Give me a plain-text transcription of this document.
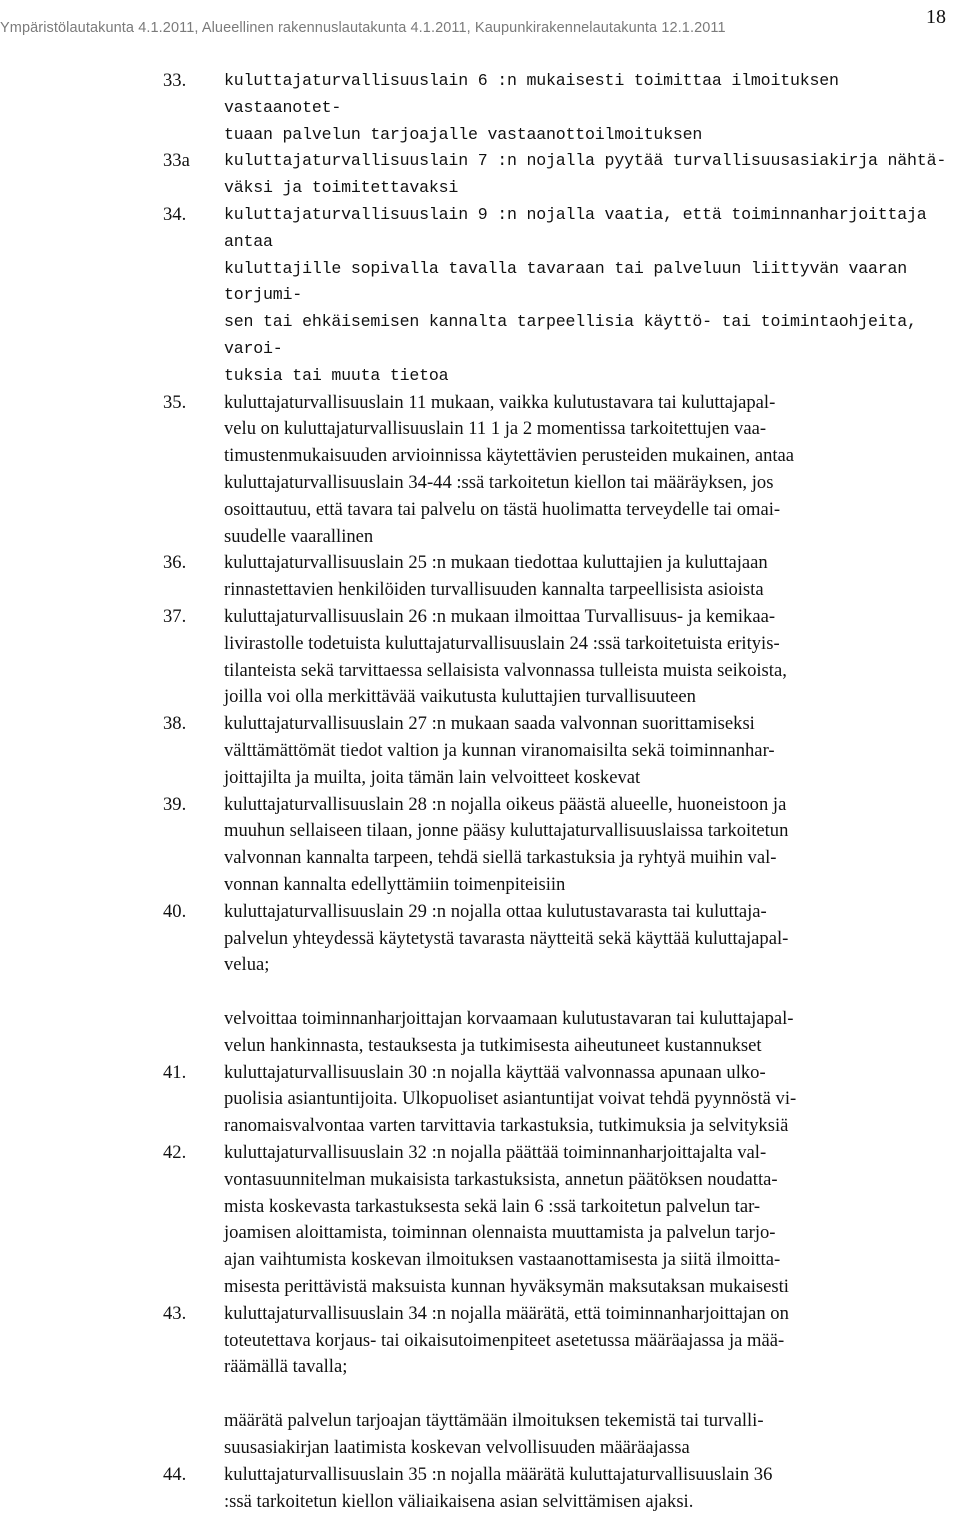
Ympäristölautakunta 4.1.2011, Alueellinen rakennuslautakunta 4.1.2011, Kaupunkirakennelautakunta 12.1.2011	18
33. kuluttajaturvallisuuslain 6 :n mukaisesti toimittaa ilmoituksen vastaanotet-
tuaan palvelun tarjoajalle vastaanottoilmoituksen
33a kuluttajaturvallisuuslain 7 :n nojalla pyytää turvallisuusasiakirja nähtä-
väksi ja toimitettavaksi
34. kuluttajaturvallisuuslain 9 :n nojalla vaatia, että toiminnanharjoittaja antaa
kuluttajille sopivalla tavalla tavaraan tai palveluun liittyvän vaaran torjumi-
sen tai ehkäisemisen kannalta tarpeellisia käyttö- tai toimintaohjeita, varoi-
tuksia tai muuta tietoa
35. kuluttajaturvallisuuslain 11 mukaan, vaikka kulutustavara tai kuluttajapal-
velu on kuluttajaturvallisuuslain 11 1 ja 2 momentissa tarkoitettujen vaa-
timustenmukaisuuden arvioinnissa käytettävien perusteiden mukainen, antaa
kuluttajaturvallisuuslain 34-44 :ssä tarkoitetun kiellon tai määräyksen, jos
osoittautuu, että tavara tai palvelu on tästä huolimatta terveydelle tai omai-
suudelle vaarallinen
36. kuluttajaturvallisuuslain 25 :n mukaan tiedottaa kuluttajien ja kuluttajaan
rinnastettavien henkilöiden turvallisuuden kannalta tarpeellisista asioista
37. kuluttajaturvallisuuslain 26 :n mukaan ilmoittaa Turvallisuus- ja kemikaa-
livirastolle todetuista kuluttajaturvallisuuslain 24 :ssä tarkoitetuista erityis-
tilanteista sekä tarvittaessa sellaisista valvonnassa tulleista muista seikoista,
joilla voi olla merkittävää vaikutusta kuluttajien turvallisuuteen
38. kuluttajaturvallisuuslain 27 :n mukaan saada valvonnan suorittamiseksi
välttämättömät tiedot valtion ja kunnan viranomaisilta sekä toiminnanhar-
joittajilta ja muilta, joita tämän lain velvoitteet koskevat
39. kuluttajaturvallisuuslain 28 :n nojalla oikeus päästä alueelle, huoneistoon ja
muuhun sellaiseen tilaan, jonne pääsy kuluttajaturvallisuuslaissa tarkoitetun
valvonnan kannalta tarpeen, tehdä siellä tarkastuksia ja ryhtyä muihin val-
vonnan kannalta edellyttämiin toimenpiteisiin
40. kuluttajaturvallisuuslain 29 :n nojalla ottaa kulutustavarasta tai kuluttaja-
palvelun yhteydessä käytetystä tavarasta näytteitä sekä käyttää kuluttajapal-
velua;
velvoittaa toiminnanharjoittajan korvaamaan kulutustavaran tai kuluttajapal-
velun hankinnasta, testauksesta ja tutkimisesta aiheutuneet kustannukset
41. kuluttajaturvallisuuslain 30 :n nojalla käyttää valvonnassa apunaan ulko-
puolisia asiantuntijoita. Ulkopuoliset asiantuntijat voivat tehdä pyynnöstä vi-
ranomaisvalvontaa varten tarvittavia tarkastuksia, tutkimuksia ja selvityksiä
42. kuluttajaturvallisuuslain 32 :n nojalla päättää toiminnanharjoittajalta val-
vontasuunnitelman mukaisista tarkastuksista, annetun päätöksen noudatta-
mista koskevasta tarkastuksesta sekä lain 6 :ssä tarkoitetun palvelun tar-
joamisen aloittamista, toiminnan olennaista muuttamista ja palvelun tarjo-
ajan vaihtumista koskevan ilmoituksen vastaanottamisesta ja siitä ilmoitta-
misesta perittävistä maksuista kunnan hyväksymän maksutaksan mukaisesti
43. kuluttajaturvallisuuslain 34 :n nojalla määrätä, että toiminnanharjoittajan on
toteutettava korjaus- tai oikaisutoimenpiteet asetetussa määräajassa ja mää-
räämällä tavalla;
määrätä palvelun tarjoajan täyttämään ilmoituksen tekemistä tai turvalli-
suusasiakirjan laatimista koskevan velvollisuuden määräajassa
44. kuluttajaturvallisuuslain 35 :n nojalla määrätä kuluttajaturvallisuuslain 36
:ssä tarkoitetun kiellon väliaikaisena asian selvittämisen ajaksi.
